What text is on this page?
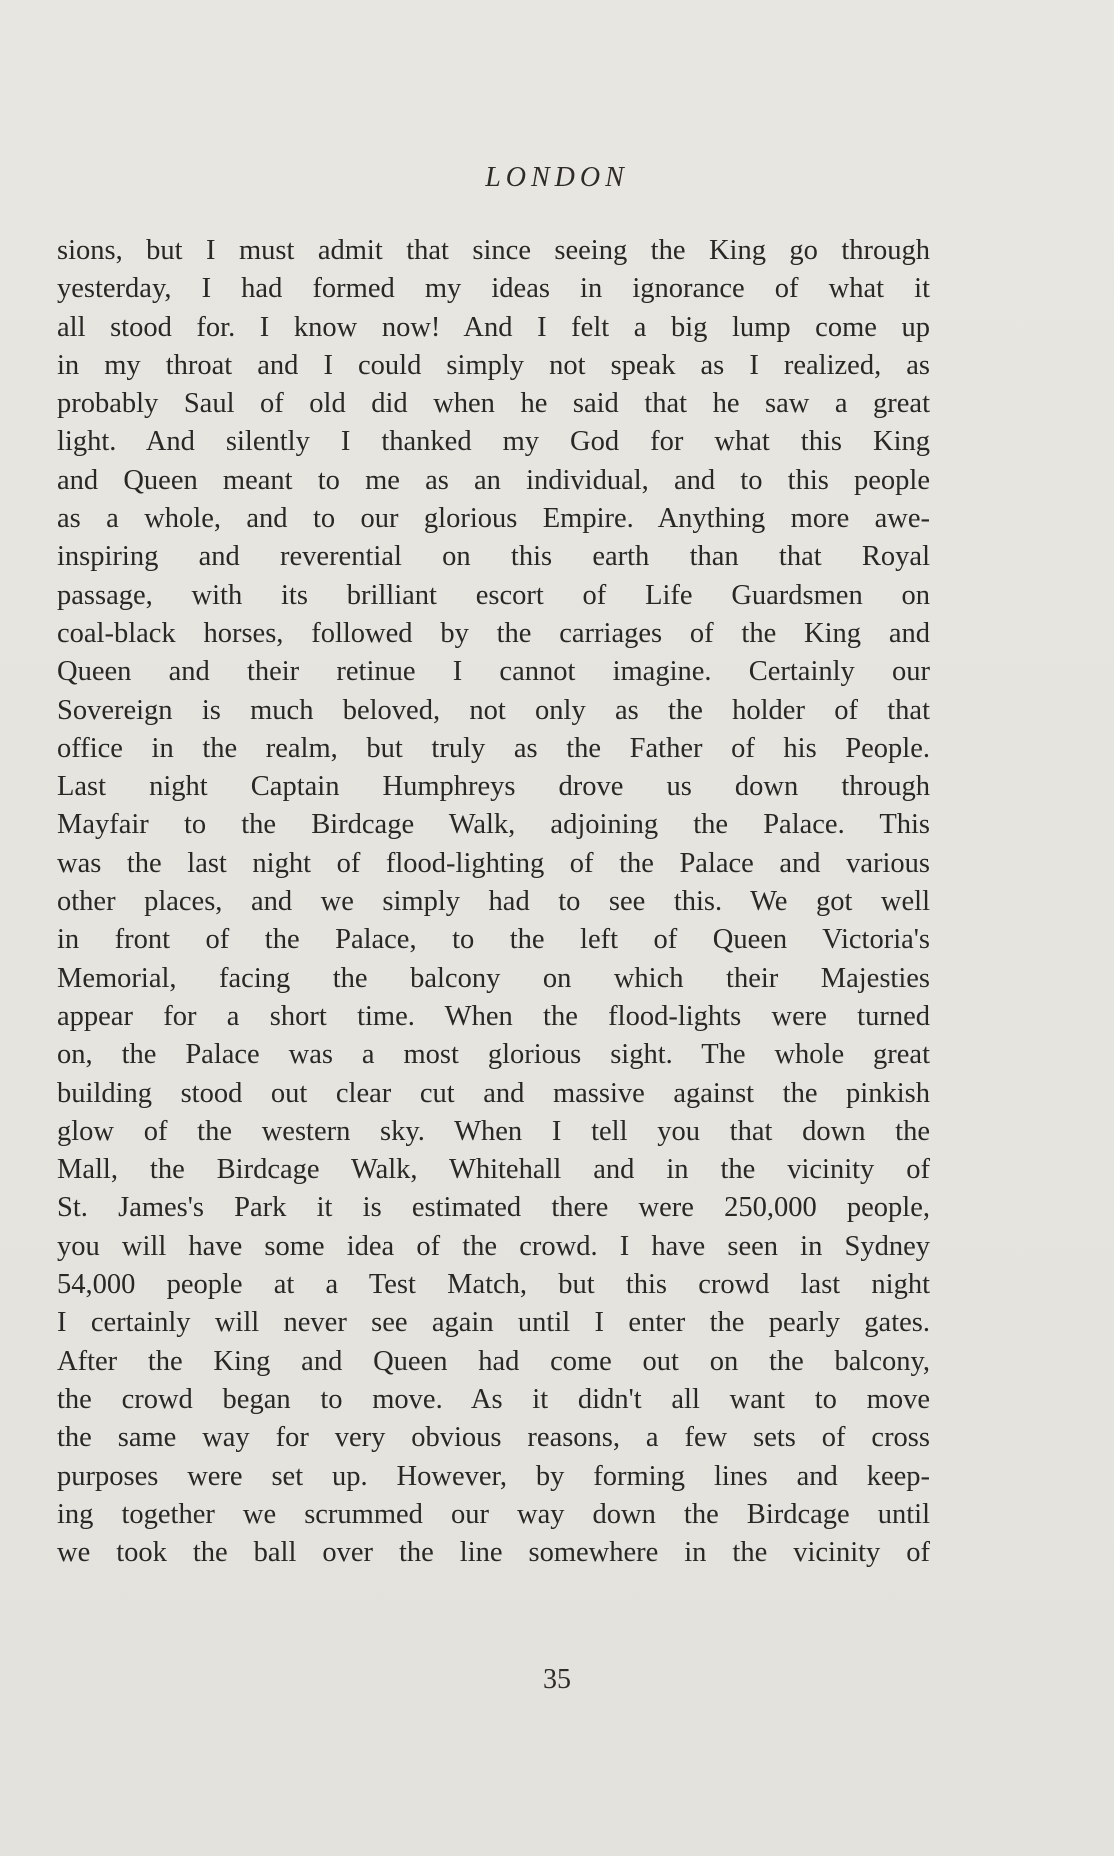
LONDON
sions, but I must admit that since seeing the King go through
yesterday, I had formed my ideas in ignorance of what it
all stood for. I know now! And I felt a big lump come up
in my throat and I could simply not speak as I realized, as
probably Saul of old did when he said that he saw a great
light. And silently I thanked my God for what this King
and Queen meant to me as an individual, and to this people
as a whole, and to our glorious Empire. Anything more awe-
inspiring and reverential on this earth than that Royal
passage, with its brilliant escort of Life Guardsmen on
coal-black horses, followed by the carriages of the King and
Queen and their retinue I cannot imagine. Certainly our
Sovereign is much beloved, not only as the holder of that
office in the realm, but truly as the Father of his People.
Last night Captain Humphreys drove us down through
Mayfair to the Birdcage Walk, adjoining the Palace. This
was the last night of flood-lighting of the Palace and various
other places, and we simply had to see this. We got well
in front of the Palace, to the left of Queen Victoria's
Memorial, facing the balcony on which their Majesties
appear for a short time. When the flood-lights were turned
on, the Palace was a most glorious sight. The whole great
building stood out clear cut and massive against the pinkish
glow of the western sky. When I tell you that down the
Mall, the Birdcage Walk, Whitehall and in the vicinity of
St. James's Park it is estimated there were 250,000 people,
you will have some idea of the crowd. I have seen in Sydney
54,000 people at a Test Match, but this crowd last night
I certainly will never see again until I enter the pearly gates.
After the King and Queen had come out on the balcony,
the crowd began to move. As it didn't all want to move
the same way for very obvious reasons, a few sets of cross
purposes were set up. However, by forming lines and keep-
ing together we scrummed our way down the Birdcage until
we took the ball over the line somewhere in the vicinity of
35
